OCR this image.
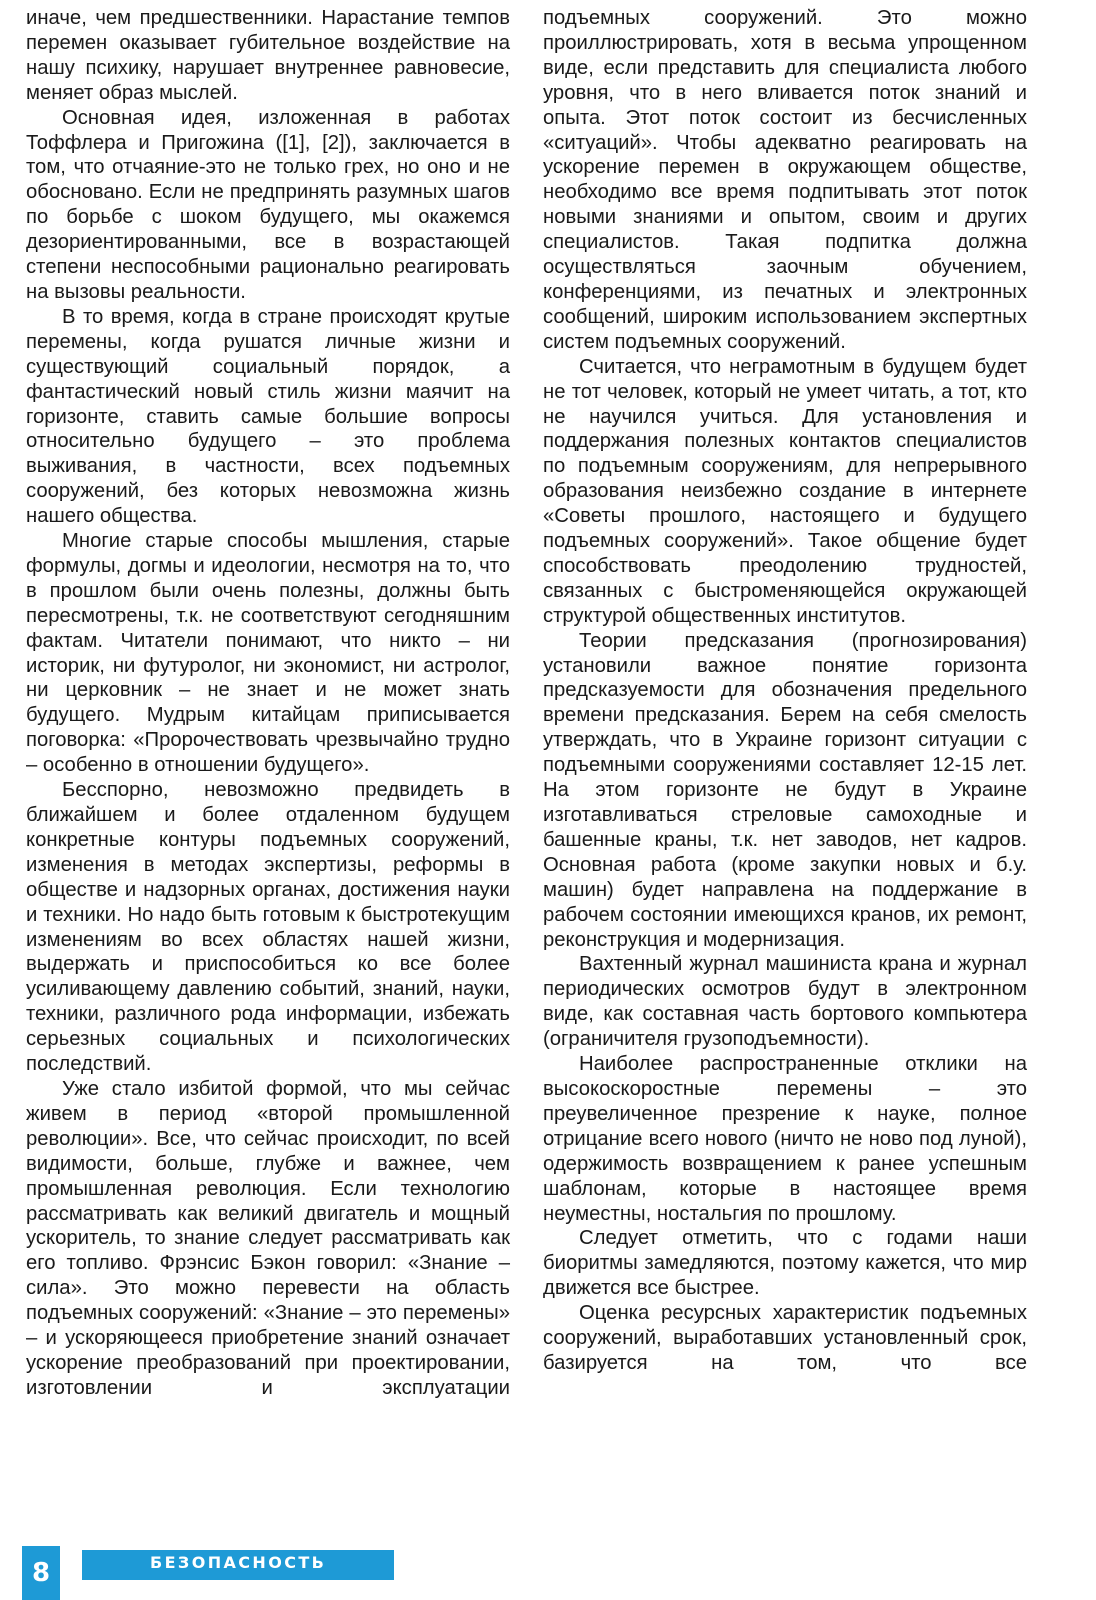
иначе, чем предшественники. Нарастание темпов перемен оказывает губительное воздействие на нашу психику, нарушает внутреннее равновесие, меняет образ мыслей.

Основная идея, изложенная в работах Тоффлера и Пригожина ([1], [2]), заключается в том, что отчаяние-это не только грех, но оно и не обосновано. Если не предпринять разумных шагов по борьбе с шоком будущего, мы окажемся дезориентированными, все в возрастающей степени неспособными рационально реагировать на вызовы реальности.

В то время, когда в стране происходят крутые перемены, когда рушатся личные жизни и существующий социальный порядок, а фантастический новый стиль жизни маячит на горизонте, ставить самые большие вопросы относительно будущего – это проблема выживания, в частности, всех подъемных сооружений, без которых невозможна жизнь нашего общества.

Многие старые способы мышления, старые формулы, догмы и идеологии, несмотря на то, что в прошлом были очень полезны, должны быть пересмотрены, т.к. не соответствуют сегодняшним фактам. Читатели понимают, что никто – ни историк, ни футуролог, ни экономист, ни астролог, ни церковник – не знает и не может знать будущего. Мудрым китайцам приписывается поговорка: «Пророчествовать чрезвычайно трудно – особенно в отношении будущего».

Бесспорно, невозможно предвидеть в ближайшем и более отдаленном будущем конкретные контуры подъемных сооружений, изменения в методах экспертизы, реформы в обществе и надзорных органах, достижения науки и техники. Но надо быть готовым к быстротекущим изменениям во всех областях нашей жизни, выдержать и приспособиться ко все более усиливающему давлению событий, знаний, науки, техники, различного рода информации, избежать серьезных социальных и психологических последствий.

Уже стало избитой формой, что мы сейчас живем в период «второй промышленной революции». Все, что сейчас происходит, по всей видимости, больше, глубже и важнее, чем промышленная революция. Если технологию рассматривать как великий двигатель и мощный ускоритель, то знание следует рассматривать как его топливо. Фрэнсис Бэкон говорил: «Знание – сила». Это можно перевести на область подъемных сооружений: «Знание – это перемены» – и ускоряющееся приобретение знаний означает ускорение преобразований при проектировании, изготовлении и эксплуатации

подъемных сооружений. Это можно проиллюстрировать, хотя в весьма упрощенном виде, если представить для специалиста любого уровня, что в него вливается поток знаний и опыта. Этот поток состоит из бесчисленных «ситуаций». Чтобы адекватно реагировать на ускорение перемен в окружающем обществе, необходимо все время подпитывать этот поток новыми знаниями и опытом, своим и других специалистов. Такая подпитка должна осуществляться заочным обучением, конференциями, из печатных и электронных сообщений, широким использованием экспертных систем подъемных сооружений.

Считается, что неграмотным в будущем будет не тот человек, который не умеет читать, а тот, кто не научился учиться. Для установления и поддержания полезных контактов специалистов по подъемным сооружениям, для непрерывного образования неизбежно создание в интернете «Советы прошлого, настоящего и будущего подъемных сооружений». Такое общение будет способствовать преодолению трудностей, связанных с быстроменяющейся окружающей структурой общественных институтов.

Теории предсказания (прогнозирования) установили важное понятие горизонта предсказуемости для обозначения предельного времени предсказания. Берем на себя смелость утверждать, что в Украине горизонт ситуации с подъемными сооружениями составляет 12-15 лет. На этом горизонте не будут в Украине изготавливаться стреловые самоходные и башенные краны, т.к. нет заводов, нет кадров. Основная работа (кроме закупки новых и б.у. машин) будет направлена на поддержание в рабочем состоянии имеющихся кранов, их ремонт, реконструкция и модернизация.

Вахтенный журнал машиниста крана и журнал периодических осмотров будут в электронном виде, как составная часть бортового компьютера (ограничителя грузоподъемности).

Наиболее распространенные отклики на высокоскоростные перемены – это преувеличенное презрение к науке, полное отрицание всего нового (ничто не ново под луной), одержимость возвращением к ранее успешным шаблонам, которые в настоящее время неуместны, ностальгия по прошлому.

Следует отметить, что с годами наши биоритмы замедляются, поэтому кажется, что мир движется все быстрее.

Оценка ресурсных характеристик подъемных сооружений, выработавших установленный срок, базируется на том, что все

8	БЕЗОПАСНОСТЬ
